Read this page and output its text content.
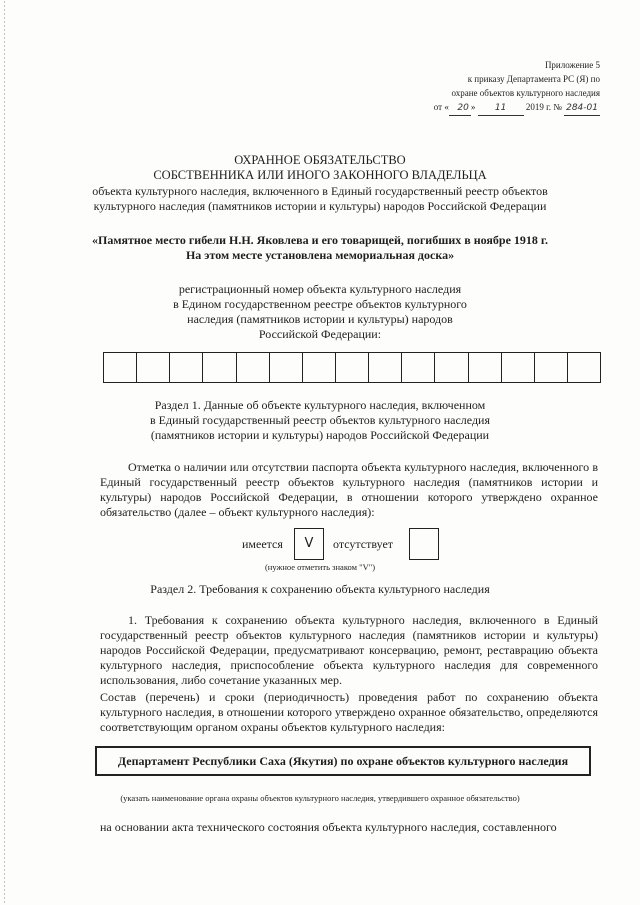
Приложение 5
к приказу Департамента РС (Я) по
охране объектов культурного наследия
от « 20 » 11 2019 г. № 284-01
ОХРАННОЕ ОБЯЗАТЕЛЬСТВО
СОБСТВЕННИКА ИЛИ ИНОГО ЗАКОННОГО ВЛАДЕЛЬЦА
объекта культурного наследия, включенного в Единый государственный реестр объектов
культурного наследия (памятников истории и культуры) народов Российской Федерации
«Памятное место гибели Н.Н. Яковлева и его товарищей, погибших в ноябре 1918 г.
На этом месте установлена мемориальная доска»
регистрационный номер объекта культурного наследия
в Едином государственном реестре объектов культурного
наследия (памятников истории и культуры) народов
Российской Федерации:
Раздел 1. Данные об объекте культурного наследия, включенном
в Единый государственный реестр объектов культурного наследия
(памятников истории и культуры) народов Российской Федерации
Отметка о наличии или отсутствии паспорта объекта культурного наследия, включенного в Единый государственный реестр объектов культурного наследия (памятников истории и культуры) народов Российской Федерации, в отношении которого утверждено охранное обязательство (далее – объект культурного наследия):
имеется	V	отсутствует
(нужное отметить знаком "V")
Раздел 2. Требования к сохранению объекта культурного наследия
1. Требования к сохранению объекта культурного наследия, включенного в Единый государственный реестр объектов культурного наследия (памятников истории и культуры) народов Российской Федерации, предусматривают консервацию, ремонт, реставрацию объекта культурного наследия, приспособление объекта культурного наследия для современного использования, либо сочетание указанных мер.
Состав (перечень) и сроки (периодичность) проведения работ по сохранению объекта культурного наследия, в отношении которого утверждено охранное обязательство, определяются соответствующим органом охраны объектов культурного наследия:
Департамент Республики Саха (Якутия) по охране объектов культурного наследия
(указать наименование органа охраны объектов культурного наследия, утвердившего охранное обязательство)
на основании акта технического состояния объекта культурного наследия, составленного
